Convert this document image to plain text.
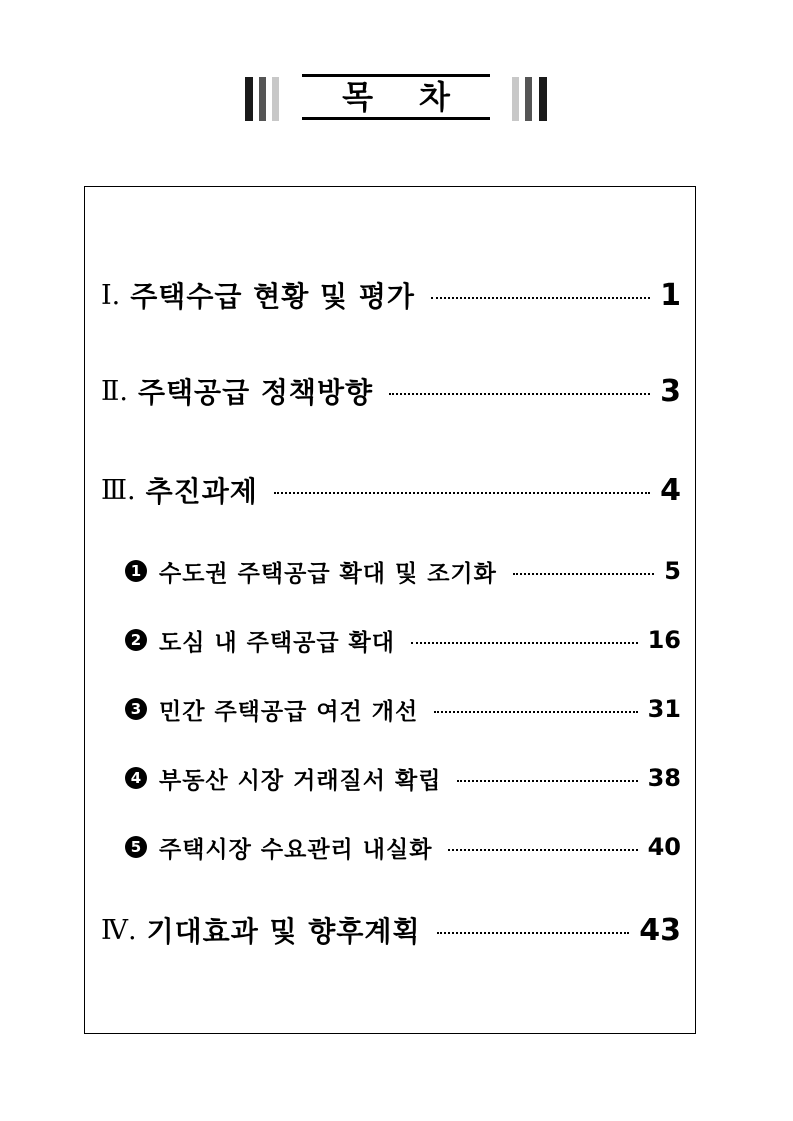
목 차
Ⅰ. 주택수급 현황 및 평가	1
Ⅱ. 주택공급 정책방향	3
Ⅲ. 추진과제	4
1 수도권 주택공급 확대 및 조기화	5
2 도심 내 주택공급 확대	16
3 민간 주택공급 여건 개선	31
4 부동산 시장 거래질서 확립	38
5 주택시장 수요관리 내실화	40
Ⅳ. 기대효과 및 향후계획	43
